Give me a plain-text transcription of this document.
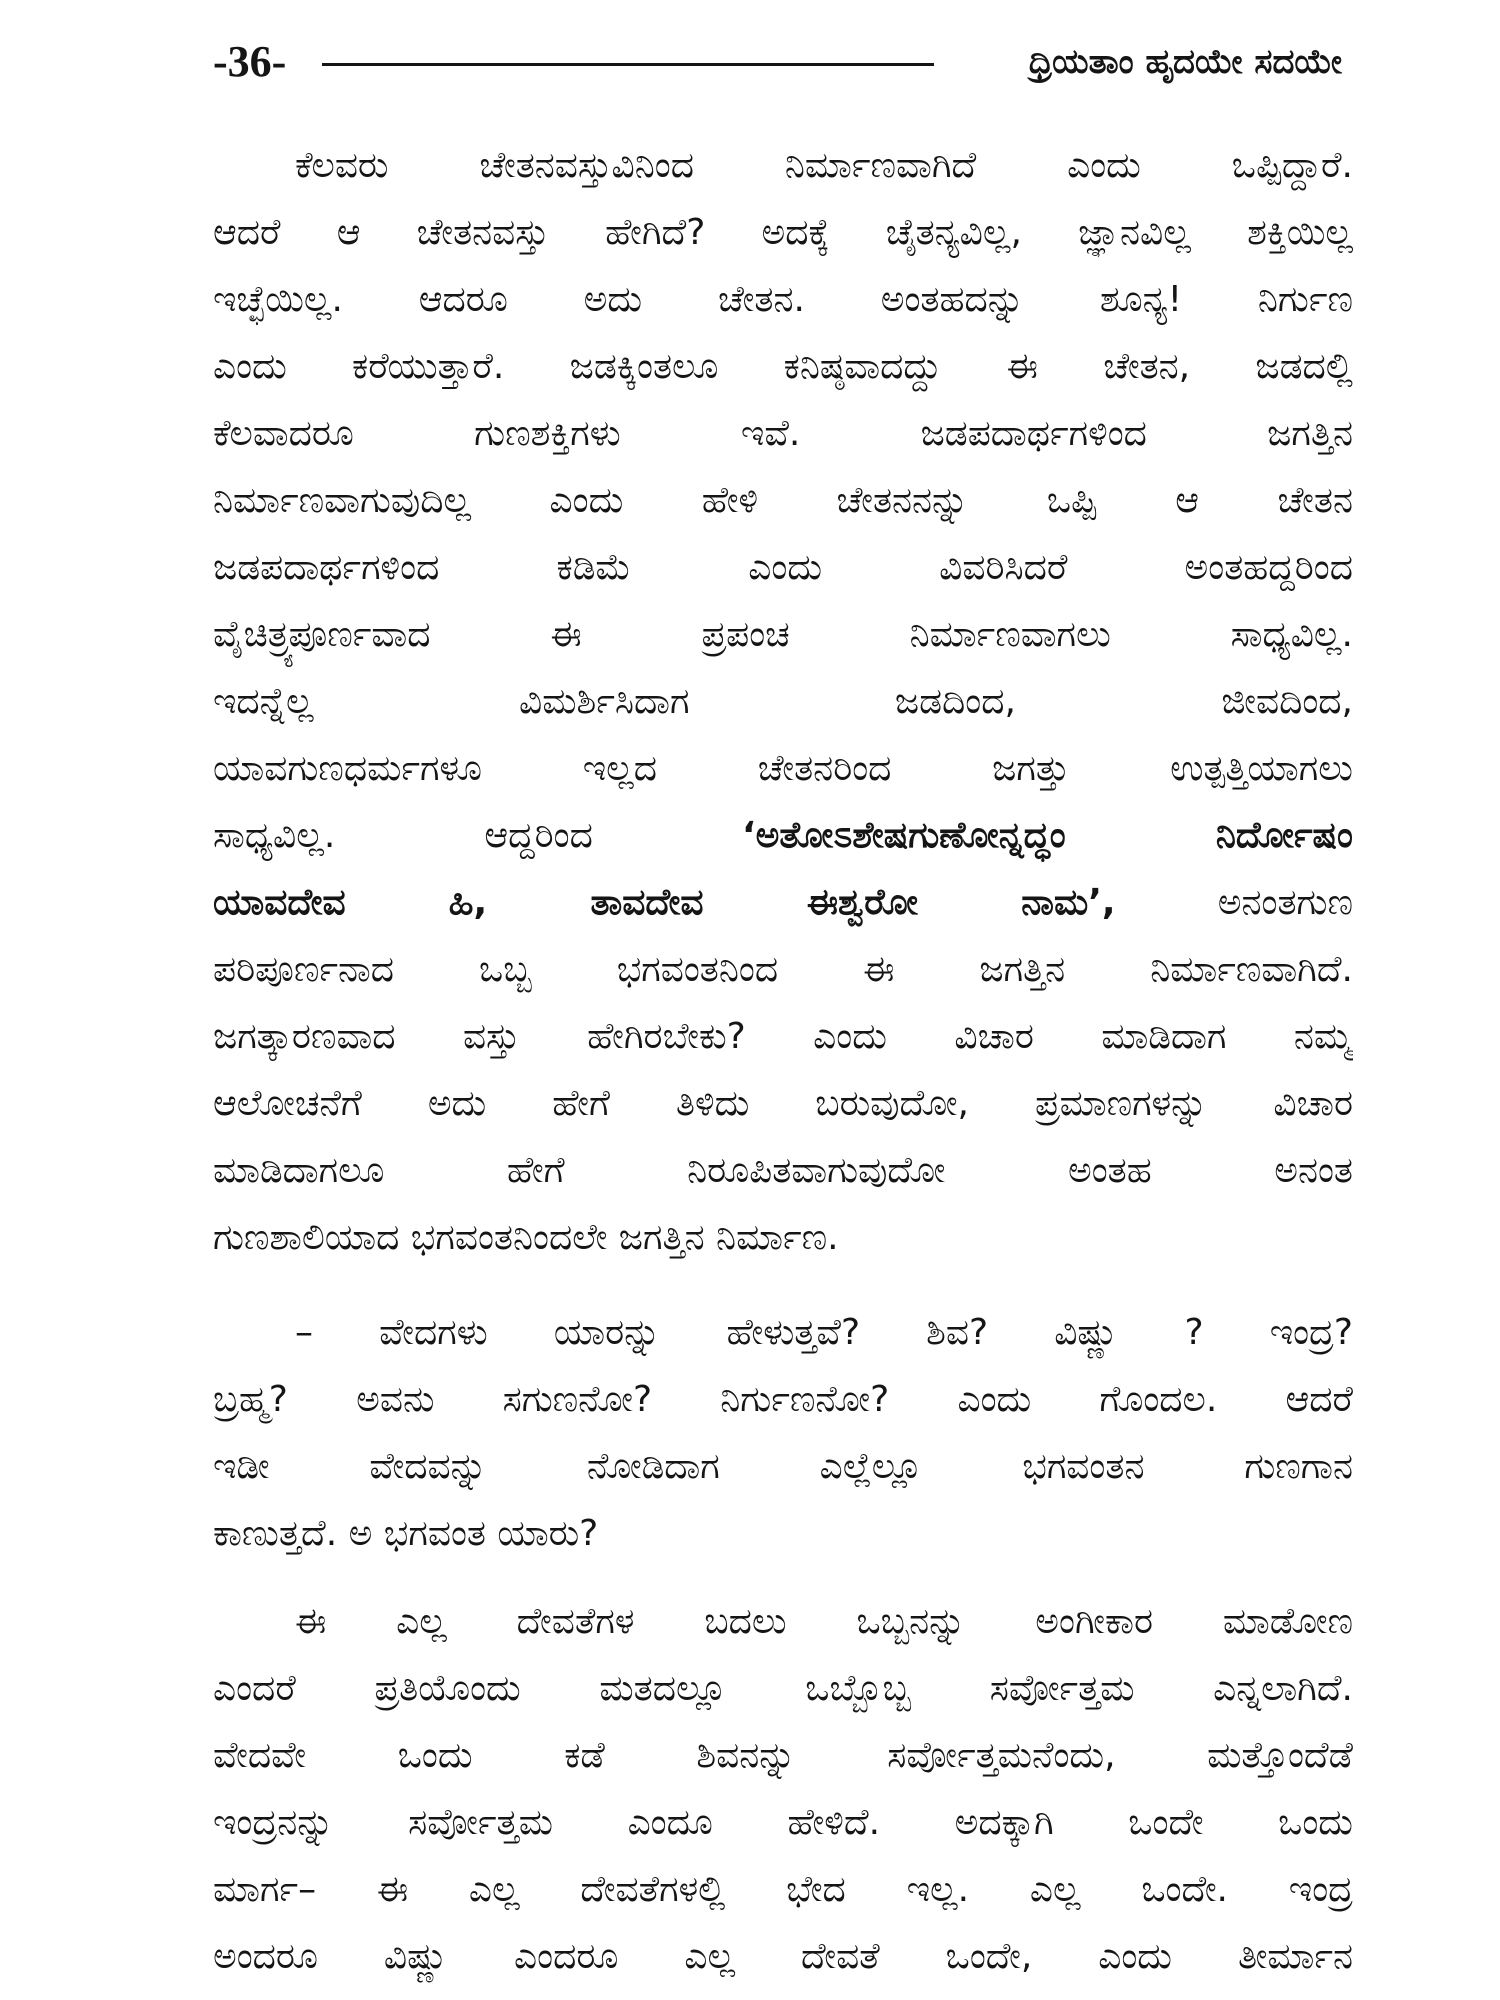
-36-	ಧ್ರಿಯತಾಂ ಹೃದಯೇ ಸದಯೇ
ಕೆಲವರು ಚೇತನವಸ್ತುವಿನಿಂದ ನಿರ್ಮಾಣವಾಗಿದೆ ಎಂದು ಒಪ್ಪಿದ್ದಾರೆ.
ಆದರೆ ಆ ಚೇತನವಸ್ತು ಹೇಗಿದೆ? ಅದಕ್ಕೆ ಚೈತನ್ಯವಿಲ್ಲ, ಜ್ಞಾನವಿಲ್ಲ ಶಕ್ತಿಯಿಲ್ಲ
ಇಚ್ಛೆಯಿಲ್ಲ. ಆದರೂ ಅದು ಚೇತನ. ಅಂತಹದನ್ನು ಶೂನ್ಯ! ನಿರ್ಗುಣ
ಎಂದು ಕರೆಯುತ್ತಾರೆ. ಜಡಕ್ಕಿಂತಲೂ ಕನಿಷ್ಠವಾದದ್ದು ಈ ಚೇತನ, ಜಡದಲ್ಲಿ
ಕೆಲವಾದರೂ ಗುಣಶಕ್ತಿಗಳು ಇವೆ. ಜಡಪದಾರ್ಥಗಳಿಂದ ಜಗತ್ತಿನ
ನಿರ್ಮಾಣವಾಗುವುದಿಲ್ಲ ಎಂದು ಹೇಳಿ ಚೇತನನನ್ನು ಒಪ್ಪಿ ಆ ಚೇತನ
ಜಡಪದಾರ್ಥಗಳಿಂದ ಕಡಿಮೆ ಎಂದು ವಿವರಿಸಿದರೆ ಅಂತಹದ್ದರಿಂದ
ವೈಚಿತ್ರ್ಯಪೂರ್ಣವಾದ ಈ ಪ್ರಪಂಚ ನಿರ್ಮಾಣವಾಗಲು ಸಾಧ್ಯವಿಲ್ಲ.
ಇದನ್ನೆಲ್ಲ ವಿಮರ್ಶಿಸಿದಾಗ ಜಡದಿಂದ, ಜೀವದಿಂದ,
ಯಾವಗುಣಧರ್ಮಗಳೂ ಇಲ್ಲದ ಚೇತನರಿಂದ ಜಗತ್ತು ಉತ್ಪತ್ತಿಯಾಗಲು
ಸಾಧ್ಯವಿಲ್ಲ. ಆದ್ದರಿಂದ	‘ಅತೋಽಶೇಷಗುಣೋನ್ನದ್ಧಂ ನಿರ್ದೋಷಂ
ಯಾವದೇವ ಹಿ, ತಾವದೇವ ಈಶ್ವರೋ ನಾಮ’,	ಅನಂತಗುಣ
ಪರಿಪೂರ್ಣನಾದ ಒಬ್ಬ ಭಗವಂತನಿಂದ ಈ ಜಗತ್ತಿನ ನಿರ್ಮಾಣವಾಗಿದೆ.
ಜಗತ್ಕಾರಣವಾದ ವಸ್ತು ಹೇಗಿರಬೇಕು? ಎಂದು ವಿಚಾರ ಮಾಡಿದಾಗ ನಮ್ಮ
ಆಲೋಚನೆಗೆ ಅದು ಹೇಗೆ ತಿಳಿದು ಬರುವುದೋ, ಪ್ರಮಾಣಗಳನ್ನು ವಿಚಾರ
ಮಾಡಿದಾಗಲೂ ಹೇಗೆ ನಿರೂಪಿತವಾಗುವುದೋ ಅಂತಹ ಅನಂತ
ಗುಣಶಾಲಿಯಾದ ಭಗವಂತನಿಂದಲೇ ಜಗತ್ತಿನ ನಿರ್ಮಾಣ.
– ವೇದಗಳು ಯಾರನ್ನು ಹೇಳುತ್ತವೆ? ಶಿವ? ವಿಷ್ಣು ? ಇಂದ್ರ?
ಬ್ರಹ್ಮ? ಅವನು ಸಗುಣನೋ? ನಿರ್ಗುಣನೋ? ಎಂದು ಗೊಂದಲ. ಆದರೆ
ಇಡೀ ವೇದವನ್ನು ನೋಡಿದಾಗ ಎಲ್ಲೆಲ್ಲೂ ಭಗವಂತನ ಗುಣಗಾನ
ಕಾಣುತ್ತದೆ. ಅ ಭಗವಂತ ಯಾರು?
ಈ ಎಲ್ಲ ದೇವತೆಗಳ ಬದಲು ಒಬ್ಬನನ್ನು ಅಂಗೀಕಾರ ಮಾಡೋಣ
ಎಂದರೆ ಪ್ರತಿಯೊಂದು ಮತದಲ್ಲೂ ಒಬ್ಬೊಬ್ಬ ಸರ್ವೋತ್ತಮ ಎನ್ನಲಾಗಿದೆ.
ವೇದವೇ ಒಂದು ಕಡೆ ಶಿವನನ್ನು ಸರ್ವೋತ್ತಮನೆಂದು, ಮತ್ತೊಂದೆಡೆ
ಇಂದ್ರನನ್ನು ಸರ್ವೋತ್ತಮ ಎಂದೂ ಹೇಳಿದೆ. ಅದಕ್ಕಾಗಿ ಒಂದೇ ಒಂದು
ಮಾರ್ಗ– ಈ ಎಲ್ಲ ದೇವತೆಗಳಲ್ಲಿ ಭೇದ ಇಲ್ಲ. ಎಲ್ಲ ಒಂದೇ. ಇಂದ್ರ
ಅಂದರೂ ವಿಷ್ಣು ಎಂದರೂ ಎಲ್ಲ ದೇವತೆ ಒಂದೇ, ಎಂದು ತೀರ್ಮಾನ
